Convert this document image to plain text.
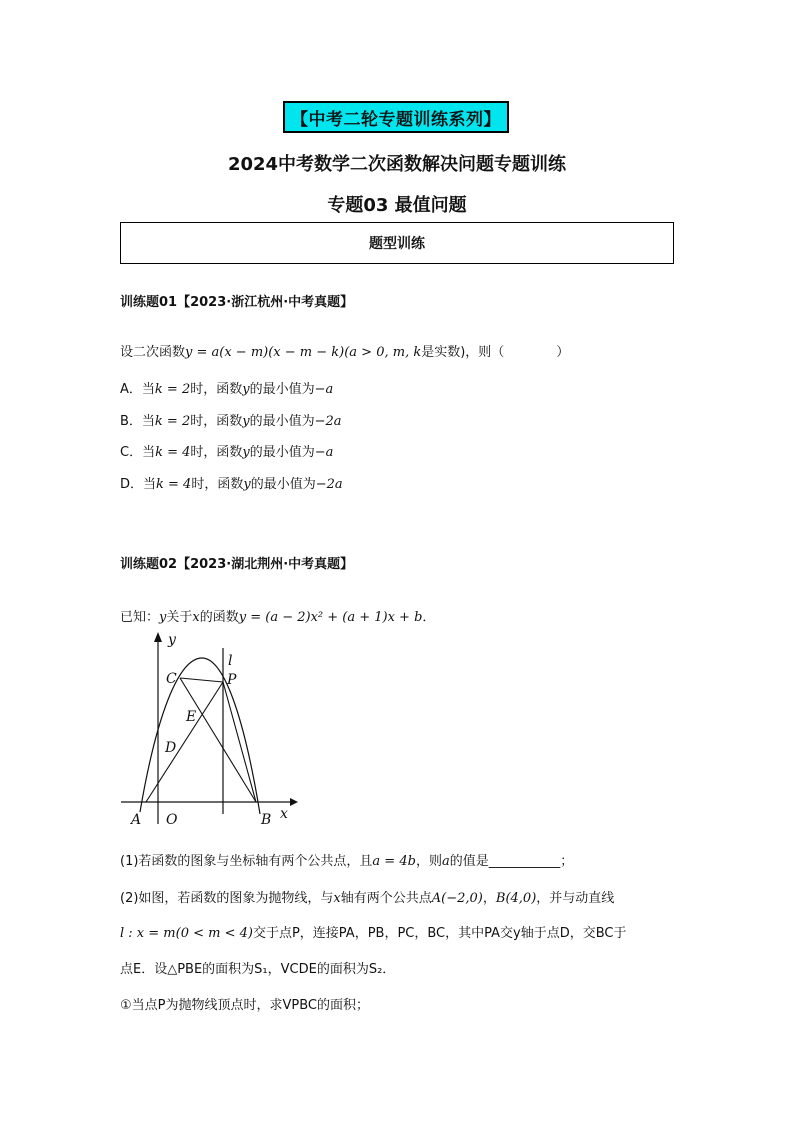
【中考二轮专题训练系列】
2024中考数学二次函数解决问题专题训练
专题03 最值问题
题型训练
训练题01【2023·浙江杭州·中考真题】
设二次函数y = a(x − m)(x − m − k)(a > 0, m, k是实数)，则（　　　　）
A．当k = 2时，函数y的最小值为−a
B．当k = 2时，函数y的最小值为−2a
C．当k = 4时，函数y的最小值为−a
D．当k = 4时，函数y的最小值为−2a
训练题02【2023·湖北荆州·中考真题】
已知：y关于x的函数y = (a − 2)x² + (a + 1)x + b．
y
l
C	P
E
D
A O	B x
(1)若函数的图象与坐标轴有两个公共点，且a = 4b，则a的值是___________；
(2)如图，若函数的图象为抛物线，与x轴有两个公共点A(−2,0)，B(4,0)，并与动直线
l : x = m(0 < m < 4)交于点P，连接PA，PB，PC，BC，其中PA交y轴于点D，交BC于
点E．设△PBE的面积为S₁，VCDE的面积为S₂．
①当点P为抛物线顶点时，求VPBC的面积；
